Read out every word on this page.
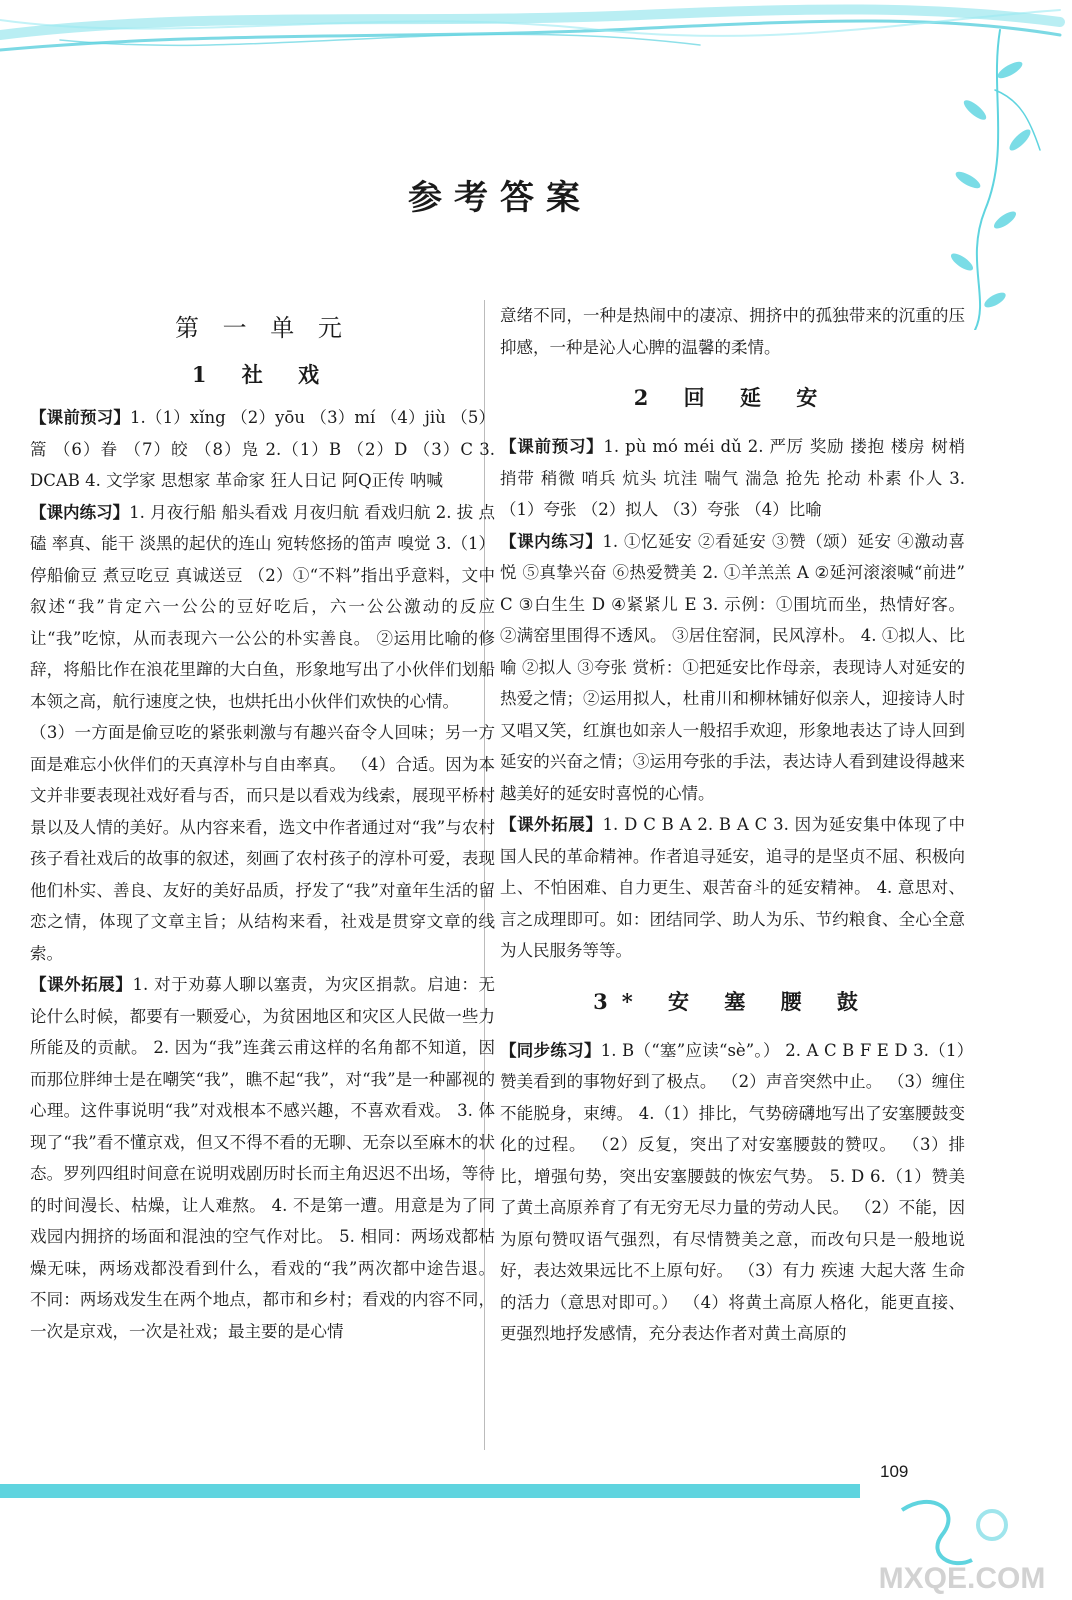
参考答案
第 一 单 元
1 社 戏

【课前预习】1.（1）xǐng （2）yōu （3）mí （4）jiù （5）篙 （6）眷 （7）皎 （8）凫 2.（1）B （2）D （3）C 3. DCAB 4. 文学家 思想家 革命家 狂人日记 阿Q正传 呐喊

【课内练习】1. 月夜行船 船头看戏 月夜归航 看戏归航 2. 拔 点 磕 率真、能干 淡黑的起伏的连山 宛转悠扬的笛声 嗅觉 3.（1）停船偷豆 煮豆吃豆 真诚送豆 （2）①“不料”指出乎意料，文中叙述“我”肯定六一公公的豆好吃后，六一公公激动的反应让“我”吃惊，从而表现六一公公的朴实善良。 ②运用比喻的修辞，将船比作在浪花里蹿的大白鱼，形象地写出了小伙伴们划船本领之高，航行速度之快，也烘托出小伙伴们欢快的心情。

（3）一方面是偷豆吃的紧张刺激与有趣兴奋令人回味；另一方面是难忘小伙伴们的天真淳朴与自由率真。 （4）合适。因为本文并非要表现社戏好看与否，而只是以看戏为线索，展现平桥村景以及人情的美好。从内容来看，选文中作者通过对“我”与农村孩子看社戏后的故事的叙述，刻画了农村孩子的淳朴可爱，表现他们朴实、善良、友好的美好品质，抒发了“我”对童年生活的留恋之情，体现了文章主旨；从结构来看，社戏是贯穿文章的线索。

【课外拓展】1. 对于劝募人聊以塞责，为灾区捐款。启迪：无论什么时候，都要有一颗爱心，为贫困地区和灾区人民做一些力所能及的贡献。 2. 因为“我”连龚云甫这样的名角都不知道，因而那位胖绅士是在嘲笑“我”，瞧不起“我”，对“我”是一种鄙视的心理。这件事说明“我”对戏根本不感兴趣，不喜欢看戏。 3. 体现了“我”看不懂京戏，但又不得不看的无聊、无奈以至麻木的状态。罗列四组时间意在说明戏剧历时长而主角迟迟不出场，等待的时间漫长、枯燥，让人难熬。 4. 不是第一遭。用意是为了同戏园内拥挤的场面和混浊的空气作对比。 5. 相同：两场戏都枯燥无味，两场戏都没看到什么，看戏的“我”两次都中途告退。 不同：两场戏发生在两个地点，都市和乡村；看戏的内容不同，一次是京戏，一次是社戏；最主要的是心情

意绪不同，一种是热闹中的凄凉、拥挤中的孤独带来的沉重的压抑感，一种是沁人心脾的温馨的柔情。

2 回 延 安

【课前预习】1. pù mó méi dǔ 2. 严厉 奖励 搂抱 楼房 树梢 捎带 稍微 哨兵 炕头 坑洼 喘气 湍急 抢先 抡动 朴素 仆人 3.（1）夸张 （2）拟人 （3）夸张 （4）比喻

【课内练习】1. ①忆延安 ②看延安 ③赞（颂）延安 ④激动喜悦 ⑤真挚兴奋 ⑥热爱赞美 2. ①羊羔羔 A ②延河滚滚喊“前进” C ③白生生 D ④紧紧儿 E 3. 示例：①围坑而坐，热情好客。 ②满窑里围得不透风。 ③居住窑洞，民风淳朴。 4. ①拟人、比喻 ②拟人 ③夸张 赏析：①把延安比作母亲，表现诗人对延安的热爱之情；②运用拟人，杜甫川和柳林铺好似亲人，迎接诗人时又唱又笑，红旗也如亲人一般招手欢迎，形象地表达了诗人回到延安的兴奋之情；③运用夸张的手法，表达诗人看到建设得越来越美好的延安时喜悦的心情。

【课外拓展】1. D C B A 2. B A C 3. 因为延安集中体现了中国人民的革命精神。作者追寻延安，追寻的是坚贞不屈、积极向上、不怕困难、自力更生、艰苦奋斗的延安精神。 4. 意思对、言之成理即可。如：团结同学、助人为乐、节约粮食、全心全意为人民服务等等。

3* 安 塞 腰 鼓

【同步练习】1. B（“塞”应读“sè”。） 2. A C B F E D 3.（1）赞美看到的事物好到了极点。 （2）声音突然中止。 （3）缠住不能脱身，束缚。 4.（1）排比，气势磅礴地写出了安塞腰鼓变化的过程。 （2）反复，突出了对安塞腰鼓的赞叹。 （3）排比，增强句势，突出安塞腰鼓的恢宏气势。 5. D 6.（1）赞美了黄土高原养育了有无穷无尽力量的劳动人民。 （2）不能，因为原句赞叹语气强烈，有尽情赞美之意，而改句只是一般地说好，表达效果远比不上原句好。 （3）有力 疾速 大起大落 生命的活力（意思对即可。） （4）将黄土高原人格化，能更直接、更强烈地抒发感情，充分表达作者对黄土高原的

109
MXQE.COM
